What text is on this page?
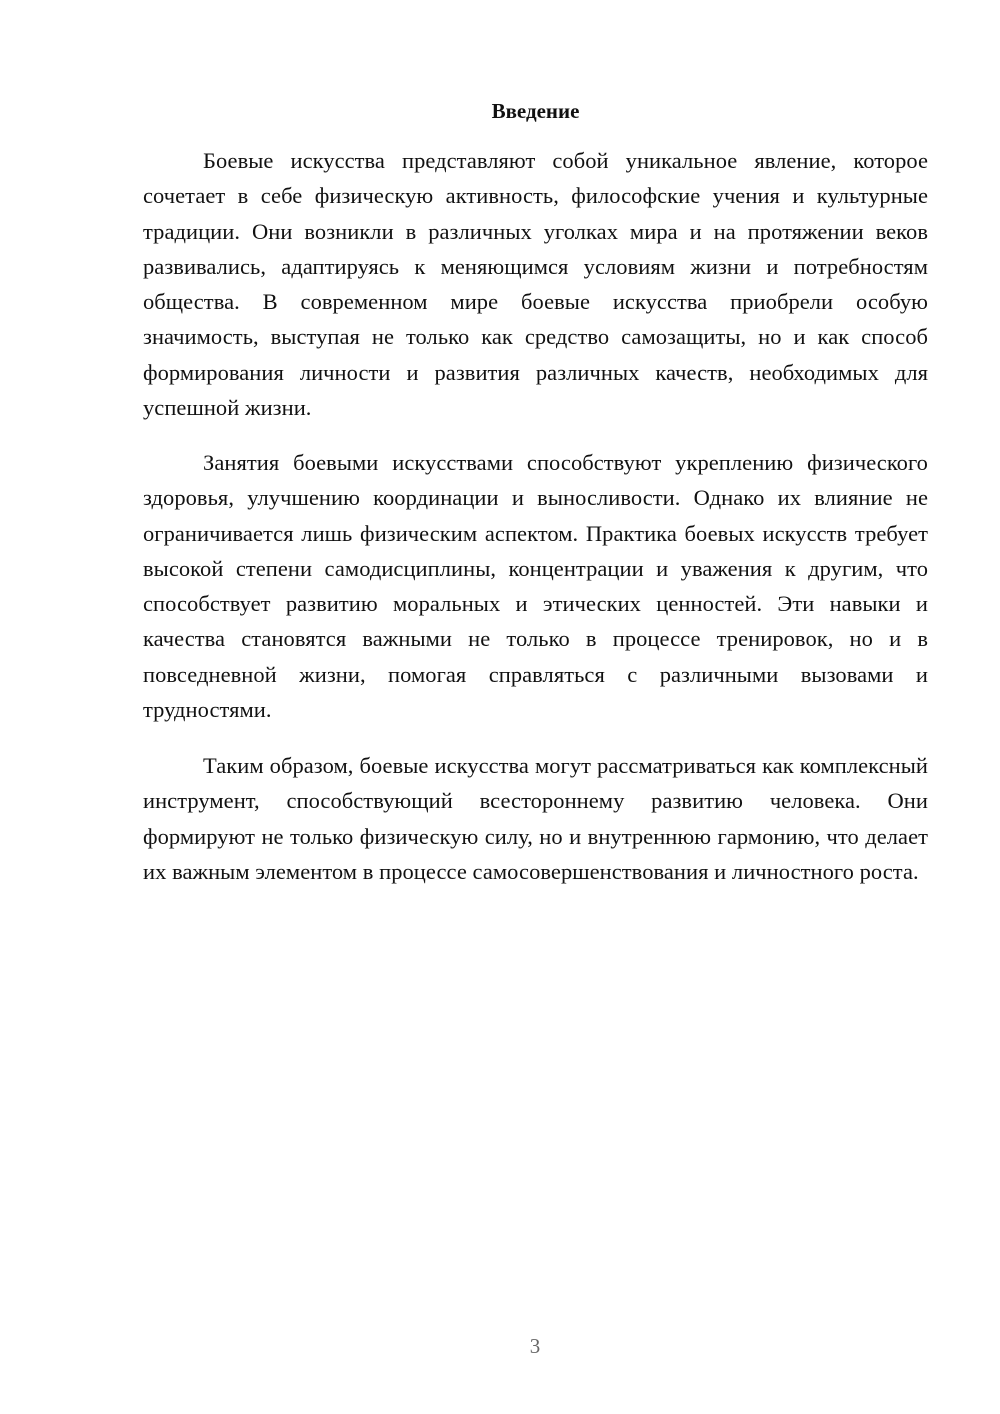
Введение

Боевые искусства представляют собой уникальное явление, которое сочетает в себе физическую активность, философские учения и культурные традиции. Они возникли в различных уголках мира и на протяжении веков развивались, адаптируясь к меняющимся условиям жизни и потребностям общества. В современном мире боевые искусства приобрели особую значимость, выступая не только как средство самозащиты, но и как способ формирования личности и развития различных качеств, необходимых для успешной жизни.

Занятия боевыми искусствами способствуют укреплению физического здоровья, улучшению координации и выносливости. Однако их влияние не ограничивается лишь физическим аспектом. Практика боевых искусств требует высокой степени самодисциплины, концентрации и уважения к другим, что способствует развитию моральных и этических ценностей. Эти навыки и качества становятся важными не только в процессе тренировок, но и в повседневной жизни, помогая справляться с различными вызовами и трудностями.

Таким образом, боевые искусства могут рассматриваться как комплексный инструмент, способствующий всестороннему развитию человека. Они формируют не только физическую силу, но и внутреннюю гармонию, что делает их важным элементом в процессе самосовершенствования и личностного роста.

3
